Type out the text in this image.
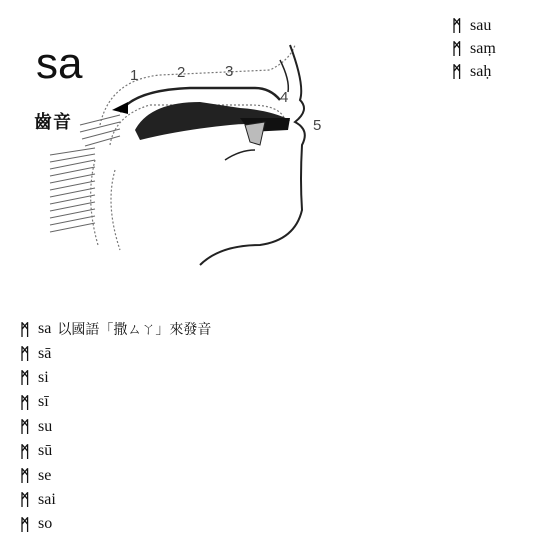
sa
齒音
1	2	3
4
5
ᛗ sau
ᛗ saṃ
ᛗ saḥ
ᛗ sa 以國語「撒ㄙㄚ」來發音
ᛗ sā
ᛗ si
ᛗ sī
ᛗ su
ᛗ sū
ᛗ se
ᛗ sai
ᛗ so
